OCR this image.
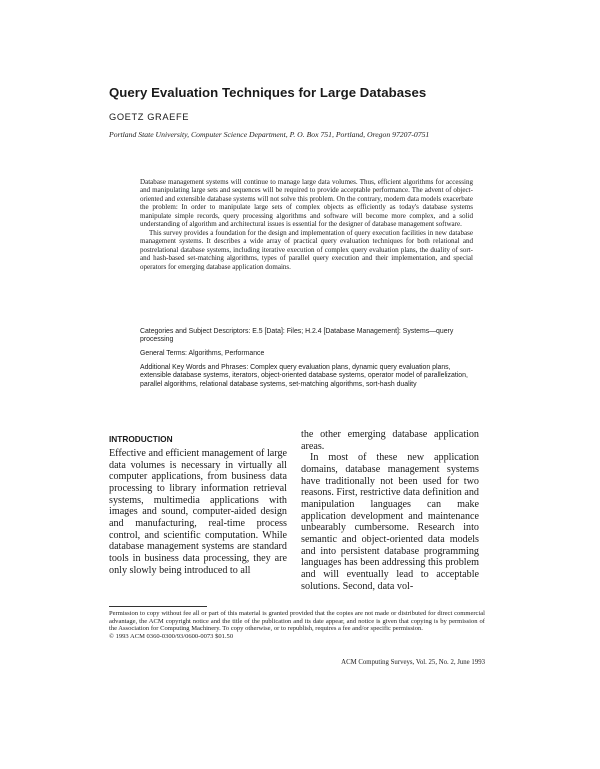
Query Evaluation Techniques for Large Databases
GOETZ GRAEFE
Portland State University, Computer Science Department, P. O. Box 751, Portland, Oregon 97207-0751

Database management systems will continue to manage large data volumes. Thus, efficient algorithms for accessing and manipulating large sets and sequences will be required to provide acceptable performance. The advent of object-oriented and extensible database systems will not solve this problem. On the contrary, modern data models exacerbate the problem: In order to manipulate large sets of complex objects as efficiently as today's database systems manipulate simple records, query processing algorithms and software will become more complex, and a solid understanding of algorithm and architectural issues is essential for the designer of database management software.

This survey provides a foundation for the design and implementation of query execution facilities in new database management systems. It describes a wide array of practical query evaluation techniques for both relational and postrelational database systems, including iterative execution of complex query evaluation plans, the duality of sort- and hash-based set-matching algorithms, types of parallel query execution and their implementation, and special operators for emerging database application domains.

Categories and Subject Descriptors: E.5 [Data]: Files; H.2.4 [Database Management]: Systems—query processing
General Terms: Algorithms, Performance
Additional Key Words and Phrases: Complex query evaluation plans, dynamic query evaluation plans, extensible database systems, iterators, object-oriented database systems, operator model of parallelization, parallel algorithms, relational database systems, set-matching algorithms, sort-hash duality
INTRODUCTION

Effective and efficient management of large data volumes is necessary in virtually all computer applications, from business data processing to library information retrieval systems, multimedia applications with images and sound, computer-aided design and manufacturing, real-time process control, and scientific computation. While database management systems are standard tools in business data processing, they are only slowly being introduced to all

the other emerging database application areas.

In most of these new application domains, database management systems have traditionally not been used for two reasons. First, restrictive data definition and manipulation languages can make application development and maintenance unbearably cumbersome. Research into semantic and object-oriented data models and into persistent database programming languages has been addressing this problem and will eventually lead to acceptable solutions. Second, data vol-

Permission to copy without fee all or part of this material is granted provided that the copies are not made or distributed for direct commercial advantage, the ACM copyright notice and the title of the publication and its date appear, and notice is given that copying is by permission of the Association for Computing Machinery. To copy otherwise, or to republish, requires a fee and/or specific permission.
© 1993 ACM 0360-0300/93/0600-0073 $01.50
ACM Computing Surveys, Vol. 25, No. 2, June 1993
